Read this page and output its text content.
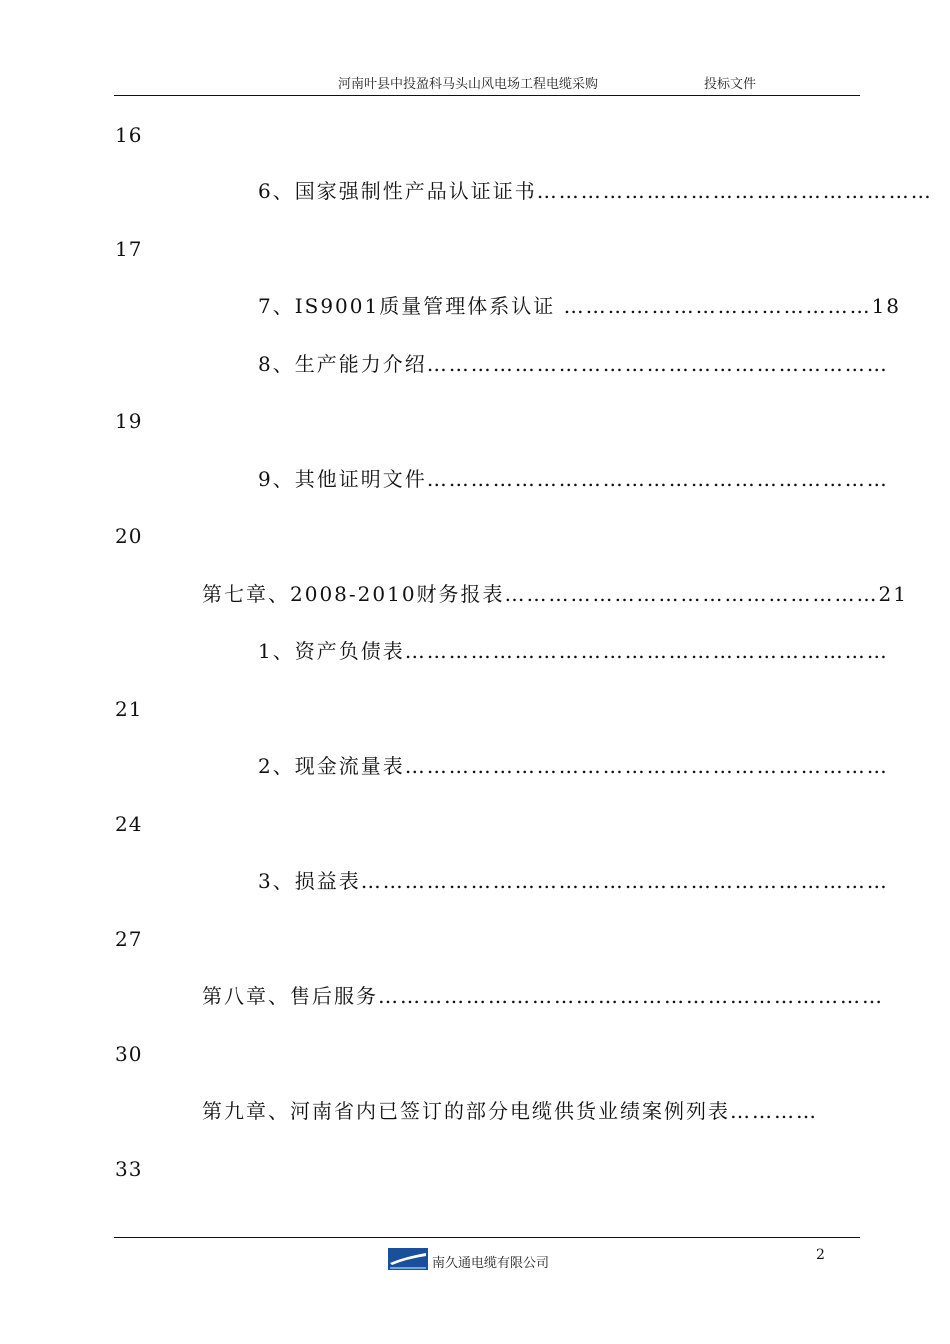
河南叶县中投盈科马头山风电场工程电缆采购	投标文件
16
6、国家强制性产品认证证书………………………………………………
17
7、IS9001质量管理体系认证 ……………………………………18
8、生产能力介绍………………………………………………………
19
9、其他证明文件………………………………………………………
20
第七章、2008-2010财务报表……………………………………………21
1、资产负债表…………………………………………………………
21
2、现金流量表…………………………………………………………
24
3、损益表………………………………………………………………
27
第八章、售后服务……………………………………………………………
30
第九章、河南省内已签订的部分电缆供货业绩案例列表…………
33
2
南久通电缆有限公司
